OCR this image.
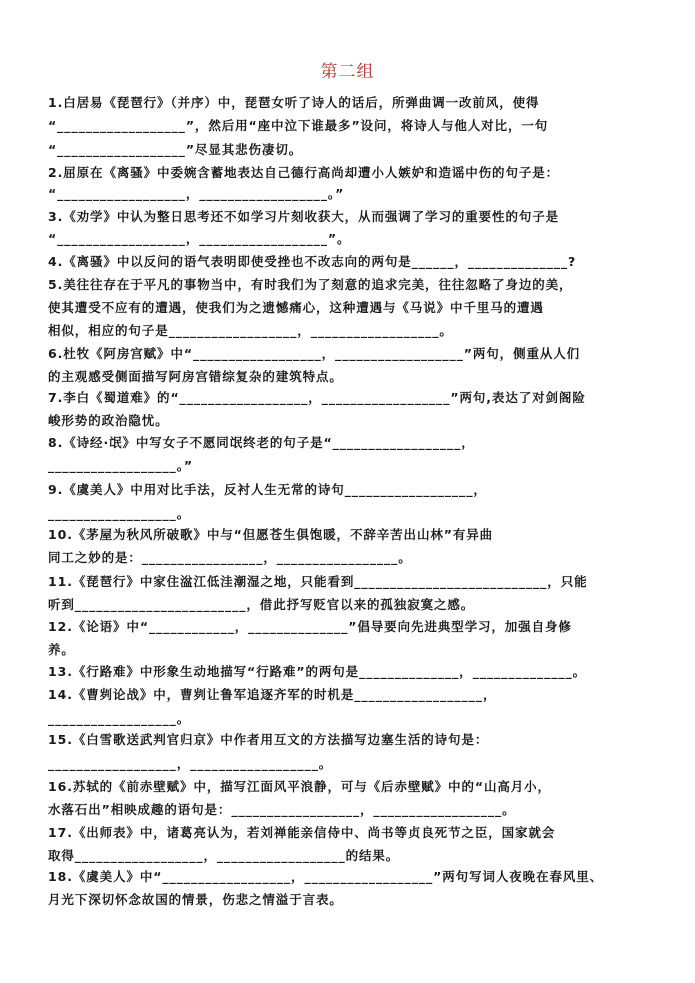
第二组
1.白居易《琵琶行》（并序）中，琵琶女听了诗人的话后，所弹曲调一改前风，使得
“__________________”，然后用“座中泣下谁最多”设问，将诗人与他人对比，一句
“__________________”尽显其悲伤凄切。
2.屈原在《离骚》中委婉含蓄地表达自己德行高尚却遭小人嫉妒和造谣中伤的句子是：
“__________________，__________________。”
3.《劝学》中认为整日思考还不如学习片刻收获大，从而强调了学习的重要性的句子是
“__________________，__________________”。
4.《离骚》中以反问的语气表明即使受挫也不改志向的两句是______，______________?
5.美往往存在于平凡的事物当中，有时我们为了刻意的追求完美，往往忽略了身边的美，
使其遭受不应有的遭遇，使我们为之遗憾痛心，这种遭遇与《马说》中千里马的遭遇
相似，相应的句子是__________________，__________________。
6.杜牧《阿房宫赋》中“__________________，__________________”两句，侧重从人们
的主观感受侧面描写阿房宫错综复杂的建筑特点。
7.李白《蜀道难》的“__________________，__________________”两句,表达了对剑阁险
峻形势的政治隐忧。
8.《诗经·氓》中写女子不愿同氓终老的句子是“__________________，
__________________。”
9.《虞美人》中用对比手法，反衬人生无常的诗句__________________，
__________________。
10.《茅屋为秋风所破歌》中与“但愿苍生俱饱暖，不辞辛苦出山林”有异曲
同工之妙的是：_________________，_________________。
11.《琵琶行》中家住湓江低洼潮湿之地，只能看到___________________________，只能
听到________________________，借此抒写贬官以来的孤独寂寞之感。
12.《论语》中“____________，______________”倡导要向先进典型学习，加强自身修
养。
13.《行路难》中形象生动地描写“行路难”的两句是______________，______________。
14.《曹刿论战》中，曹刿让鲁军追逐齐军的时机是__________________，
__________________。
15.《白雪歌送武判官归京》中作者用互文的方法描写边塞生活的诗句是：
__________________，__________________。
16.苏轼的《前赤壁赋》中，描写江面风平浪静，可与《后赤壁赋》中的“山高月小，
水落石出”相映成趣的语句是：__________________，__________________。
17.《出师表》中，诸葛亮认为，若刘禅能亲信侍中、尚书等贞良死节之臣，国家就会
取得__________________，__________________的结果。
18.《虞美人》中“__________________，__________________”两句写词人夜晚在春风里、
月光下深切怀念故国的情景，伤悲之情溢于言表。
